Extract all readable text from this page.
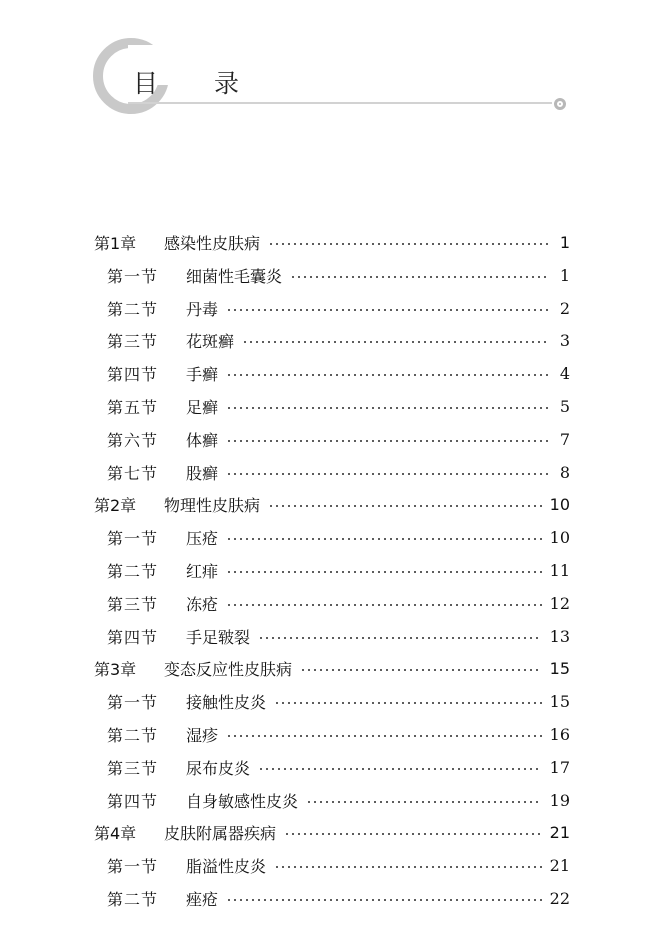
目 录
第1章	感染性皮肤病	1
第一节	细菌性毛囊炎	1
第二节	丹毒	2
第三节	花斑癣	3
第四节	手癣	4
第五节	足癣	5
第六节	体癣	7
第七节	股癣	8
第2章	物理性皮肤病	10
第一节	压疮	10
第二节	红痱	11
第三节	冻疮	12
第四节	手足皲裂	13
第3章	变态反应性皮肤病	15
第一节	接触性皮炎	15
第二节	湿疹	16
第三节	尿布皮炎	17
第四节	自身敏感性皮炎	19
第4章	皮肤附属器疾病	21
第一节	脂溢性皮炎	21
第二节	痤疮	22
